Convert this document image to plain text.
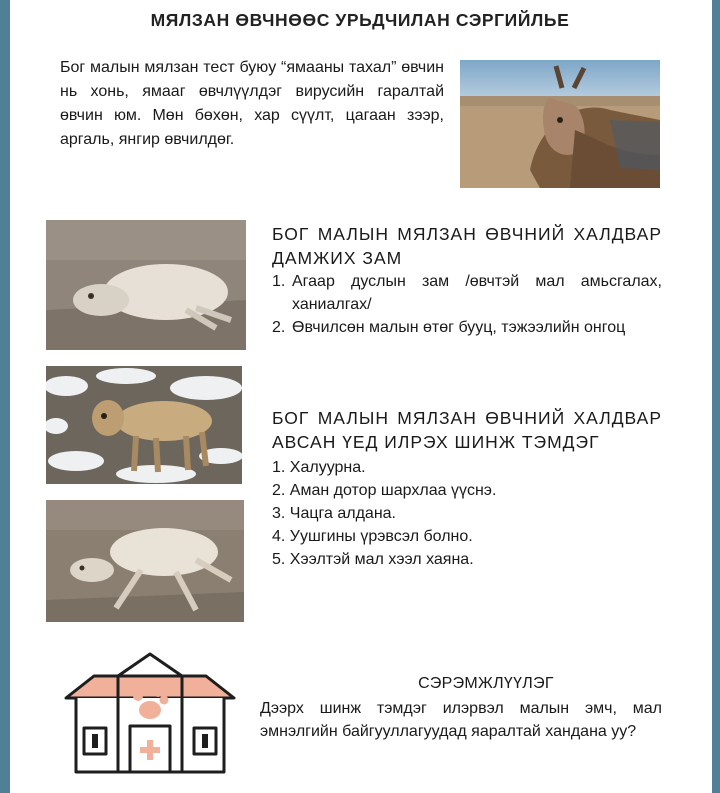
МЯЛЗАН ӨВЧНӨӨС УРЬДЧИЛАН СЭРГИЙЛЬЕ
Бог малын мялзан тест буюу “ямааны тахал” өвчин нь хонь, ямааг өвчлүүлдэг вирусийн гаралтай өвчин юм. Мөн бөхөн, хар сүүлт, цагаан зээр, аргаль, янгир өвчилдөг.
БОГ МАЛЫН МЯЛЗАН ӨВЧНИЙ ХАЛДВАР ДАМЖИХ ЗАМ
1. Агаар дуслын зам /өвчтэй мал амьсгалах, ханиалгах/
2. Өвчилсөн малын өтөг бууц, тэжээлийн онгоц
БОГ МАЛЫН МЯЛЗАН ӨВЧНИЙ ХАЛДВАР АВСАН ҮЕД ИЛРЭХ ШИНЖ ТЭМДЭГ
1. Халуурна.
2. Аман дотор шархлаа үүснэ.
3. Чацга алдана.
4. Уушгины үрэвсэл болно.
5. Хээлтэй мал хээл хаяна.
СЭРЭМЖЛҮҮЛЭГ
Дээрх шинж тэмдэг илэрвэл малын эмч, мал эмнэлгийн байгууллагуудад яаралтай хандана уу?
